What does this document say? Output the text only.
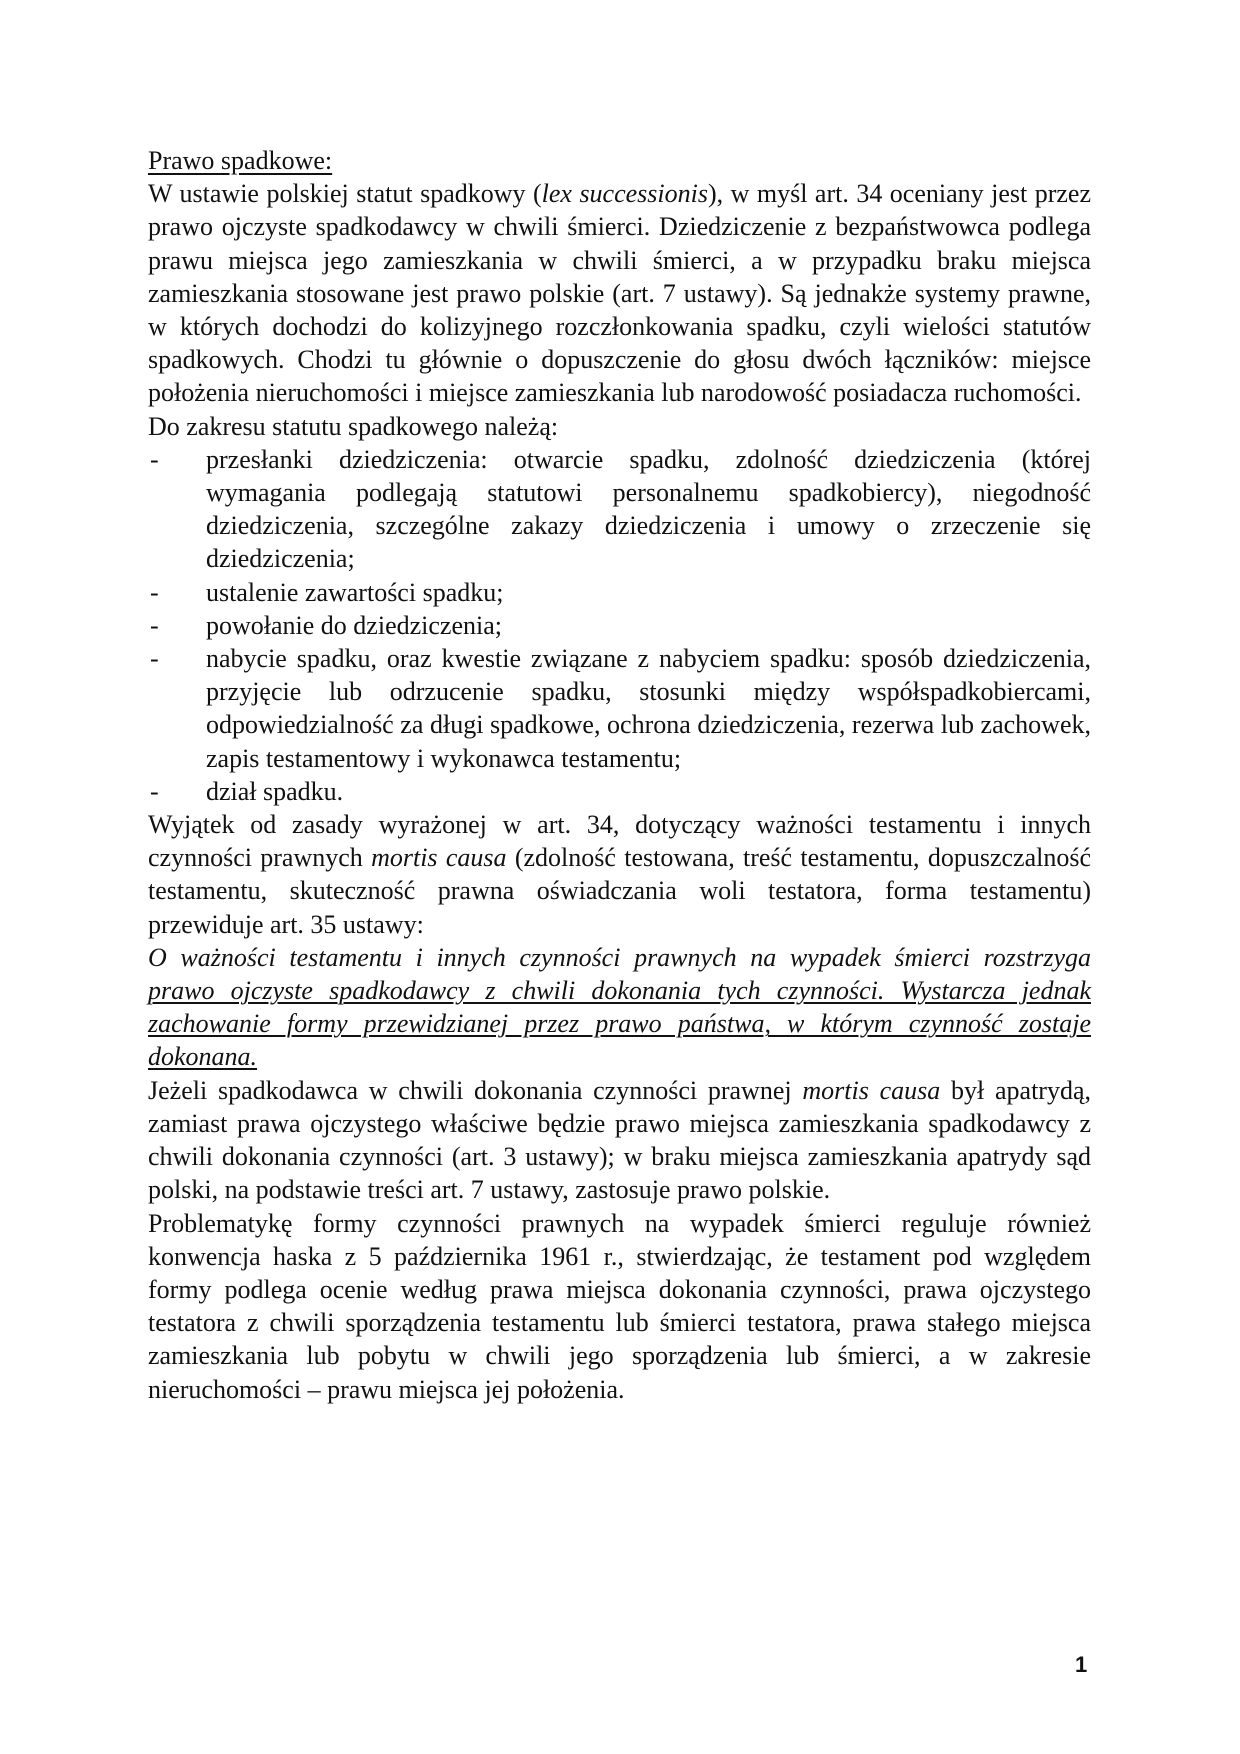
Prawo spadkowe:

W ustawie polskiej statut spadkowy (lex successionis), w myśl art. 34 oceniany jest przez prawo ojczyste spadkodawcy w chwili śmierci. Dziedziczenie z bezpaństwowca podlega prawu miejsca jego zamieszkania w chwili śmierci, a w przypadku braku miejsca zamieszkania stosowane jest prawo polskie (art. 7 ustawy). Są jednakże systemy prawne, w których dochodzi do kolizyjnego rozczłonkowania spadku, czyli wielości statutów spadkowych. Chodzi tu głównie o dopuszczenie do głosu dwóch łączników: miejsce położenia nieruchomości i miejsce zamieszkania lub narodowość posiadacza ruchomości.

Do zakresu statutu spadkowego należą:

- przesłanki dziedziczenia: otwarcie spadku, zdolność dziedziczenia (której wymagania podlegają statutowi personalnemu spadkobiercy), niegodność dziedziczenia, szczególne zakazy dziedziczenia i umowy o zrzeczenie się dziedziczenia;
- ustalenie zawartości spadku;
- powołanie do dziedziczenia;
- nabycie spadku, oraz kwestie związane z nabyciem spadku: sposób dziedziczenia, przyjęcie lub odrzucenie spadku, stosunki między współspadkobiercami, odpowiedzialność za długi spadkowe, ochrona dziedziczenia, rezerwa lub zachowek, zapis testamentowy i wykonawca testamentu;
- dział spadku.

Wyjątek od zasady wyrażonej w art. 34, dotyczący ważności testamentu i innych czynności prawnych mortis causa (zdolność testowana, treść testamentu, dopuszczalność testamentu, skuteczność prawna oświadczania woli testatora, forma testamentu) przewiduje art. 35 ustawy:

O ważności testamentu i innych czynności prawnych na wypadek śmierci rozstrzyga prawo ojczyste spadkodawcy z chwili dokonania tych czynności. Wystarcza jednak zachowanie formy przewidzianej przez prawo państwa, w którym czynność zostaje dokonana.

Jeżeli spadkodawca w chwili dokonania czynności prawnej mortis causa był apatrydą, zamiast prawa ojczystego właściwe będzie prawo miejsca zamieszkania spadkodawcy z chwili dokonania czynności (art. 3 ustawy); w braku miejsca zamieszkania apatrydy sąd polski, na podstawie treści art. 7 ustawy, zastosuje prawo polskie.

Problematykę formy czynności prawnych na wypadek śmierci reguluje również konwencja haska z 5 października 1961 r., stwierdzając, że testament pod względem formy podlega ocenie według prawa miejsca dokonania czynności, prawa ojczystego testatora z chwili sporządzenia testamentu lub śmierci testatora, prawa stałego miejsca zamieszkania lub pobytu w chwili jego sporządzenia lub śmierci, a w zakresie nieruchomości – prawu miejsca jej położenia.

1
